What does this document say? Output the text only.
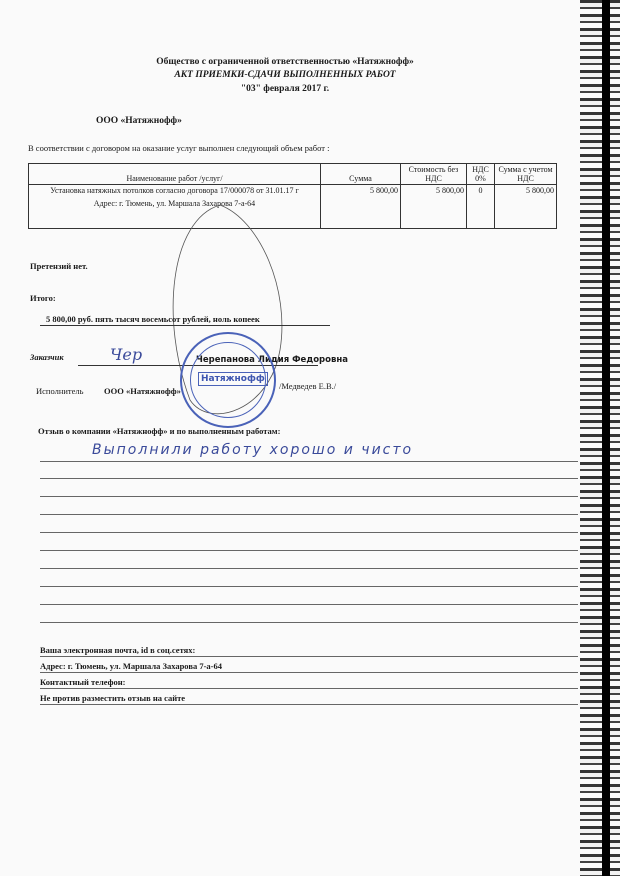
Общество с ограниченной ответственностью «Натяжнофф»
АКТ ПРИЕМКИ-СДАЧИ ВЫПОЛНЕННЫХ РАБОТ
"03" февраля 2017 г.
ООО «Натяжнофф»
В соответствии с договором на оказание услуг выполнен следующий объем работ :
Наименование работ /услуг/	Сумма	Стоимость без НДС	НДС 0%	Сумма с учетом НДС

Установка натяжных потолков согласно договора 17/000078 от 31.01.17 г
Адрес: г. Тюмень, ул. Маршала Захарова 7-а-64	5 800,00	5 800,00	0	5 800,00
Претензий нет.
Итого:
5 800,00 руб. пять тысяч восемьсот рублей, ноль копеек
Заказчик	Чер	Черепанова Лидия Федоровна
Натяжнофф
Исполнитель ООО «Натяжнофф»	/Медведев Е.В./
Отзыв о компании «Натяжнофф» и по выполненным работам:
Выполнили работу хорошо и чисто
Ваша электронная почта, id в соц.сетях:
Адрес: г. Тюмень, ул. Маршала Захарова 7-а-64
Контактный телефон:
Не против разместить отзыв на сайте
